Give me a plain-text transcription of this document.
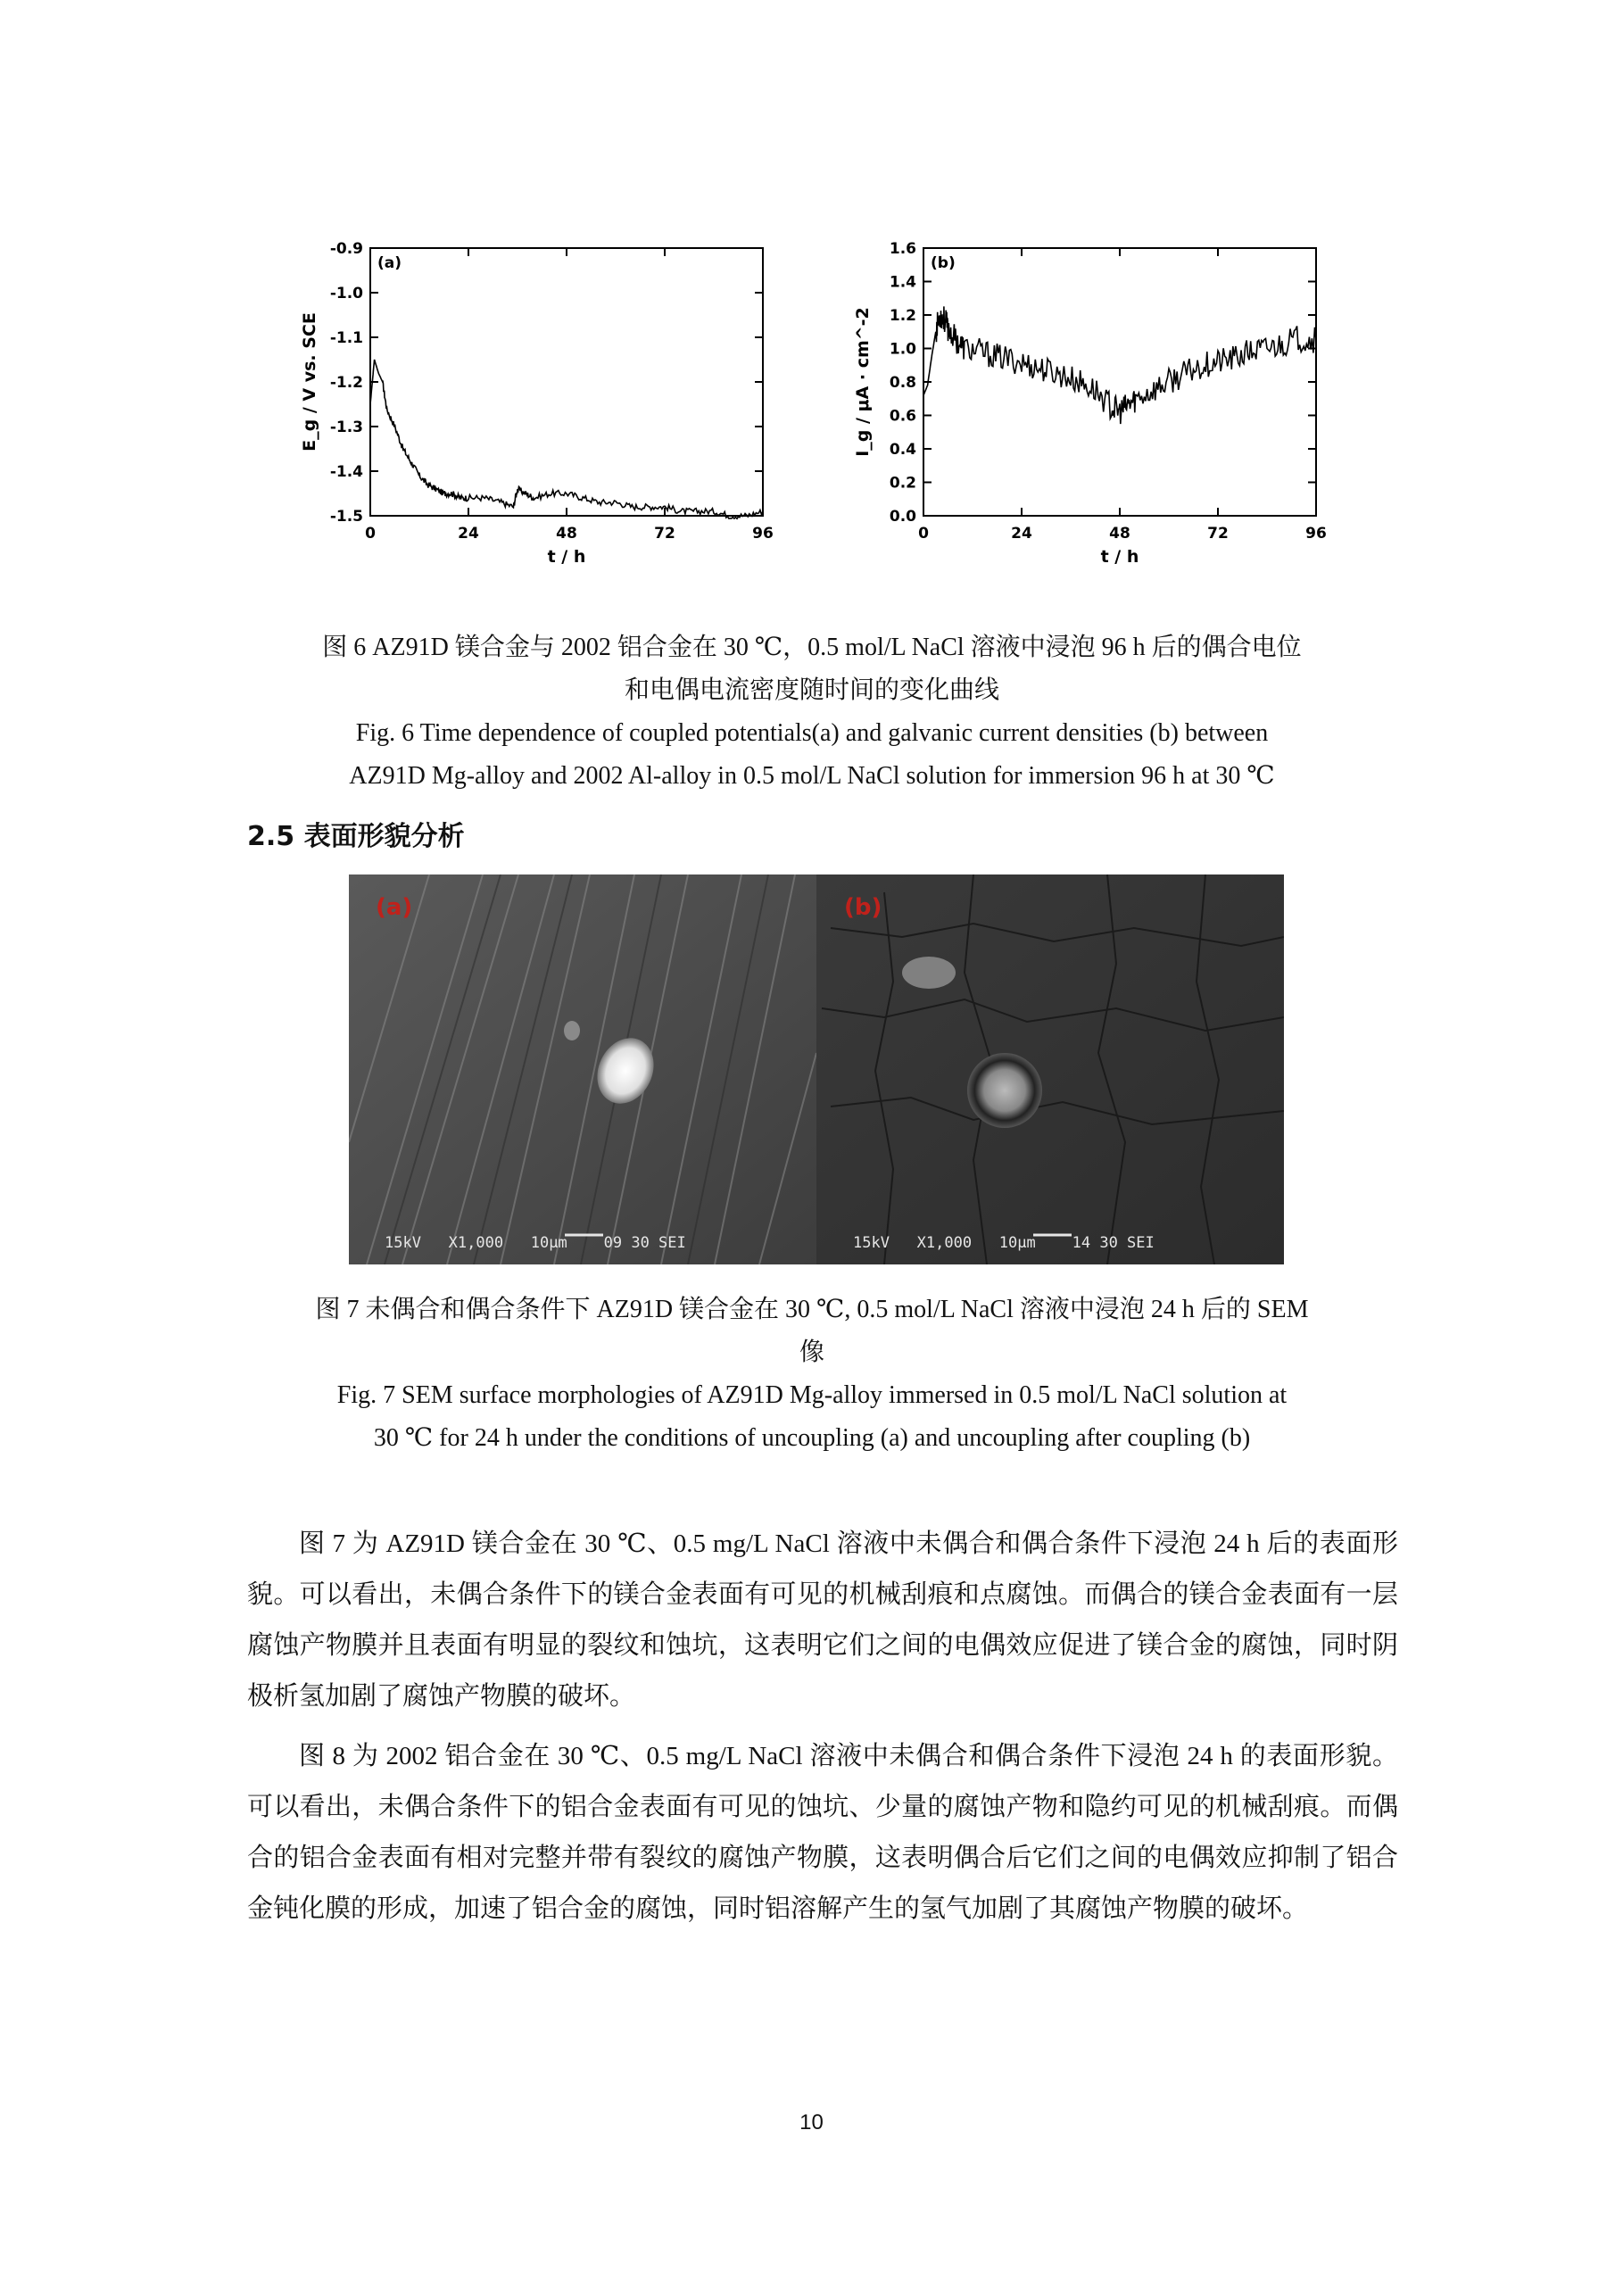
0	24	48	72	96
-0.9
-1.0
-1.1
-1.2
-1.3
-1.4
-1.5
(a)
t / h
E_g / V vs. SCE
0	24	48	72	96
1.6
1.4
1.2
1.0
0.8
0.6
0.4
0.2
0.0
(b)
t / h
I_g / μA · cm^-2
图 6 AZ91D 镁合金与 2002 铝合金在 30 ℃，0.5 mol/L NaCl 溶液中浸泡 96 h 后的偶合电位
和电偶电流密度随时间的变化曲线
Fig. 6 Time dependence of coupled potentials(a) and galvanic current densities (b) between
AZ91D Mg-alloy and 2002 Al-alloy in 0.5 mol/L NaCl solution for immersion 96 h at 30 ℃
2.5 表面形貌分析
(a)	(b)
15kV   X1,000   10μm    09 30 SEI	15kV   X1,000   10μm    14 30 SEI
图 7 未偶合和偶合条件下 AZ91D 镁合金在 30 ℃, 0.5 mol/L NaCl 溶液中浸泡 24 h 后的 SEM
像
Fig. 7 SEM surface morphologies of AZ91D Mg-alloy immersed in 0.5 mol/L NaCl solution at
30 ℃ for 24 h under the conditions of uncoupling (a) and uncoupling after coupling (b)
图 7 为 AZ91D 镁合金在 30 ℃、0.5 mg/L NaCl 溶液中未偶合和偶合条件下浸泡 24 h 后的表面形貌。可以看出，未偶合条件下的镁合金表面有可见的机械刮痕和点腐蚀。而偶合的镁合金表面有一层腐蚀产物膜并且表面有明显的裂纹和蚀坑，这表明它们之间的电偶效应促进了镁合金的腐蚀，同时阴极析氢加剧了腐蚀产物膜的破坏。
图 8 为 2002 铝合金在 30 ℃、0.5 mg/L NaCl 溶液中未偶合和偶合条件下浸泡 24 h 的表面形貌。可以看出，未偶合条件下的铝合金表面有可见的蚀坑、少量的腐蚀产物和隐约可见的机械刮痕。而偶合的铝合金表面有相对完整并带有裂纹的腐蚀产物膜，这表明偶合后它们之间的电偶效应抑制了铝合金钝化膜的形成，加速了铝合金的腐蚀，同时铝溶解产生的氢气加剧了其腐蚀产物膜的破坏。
10
